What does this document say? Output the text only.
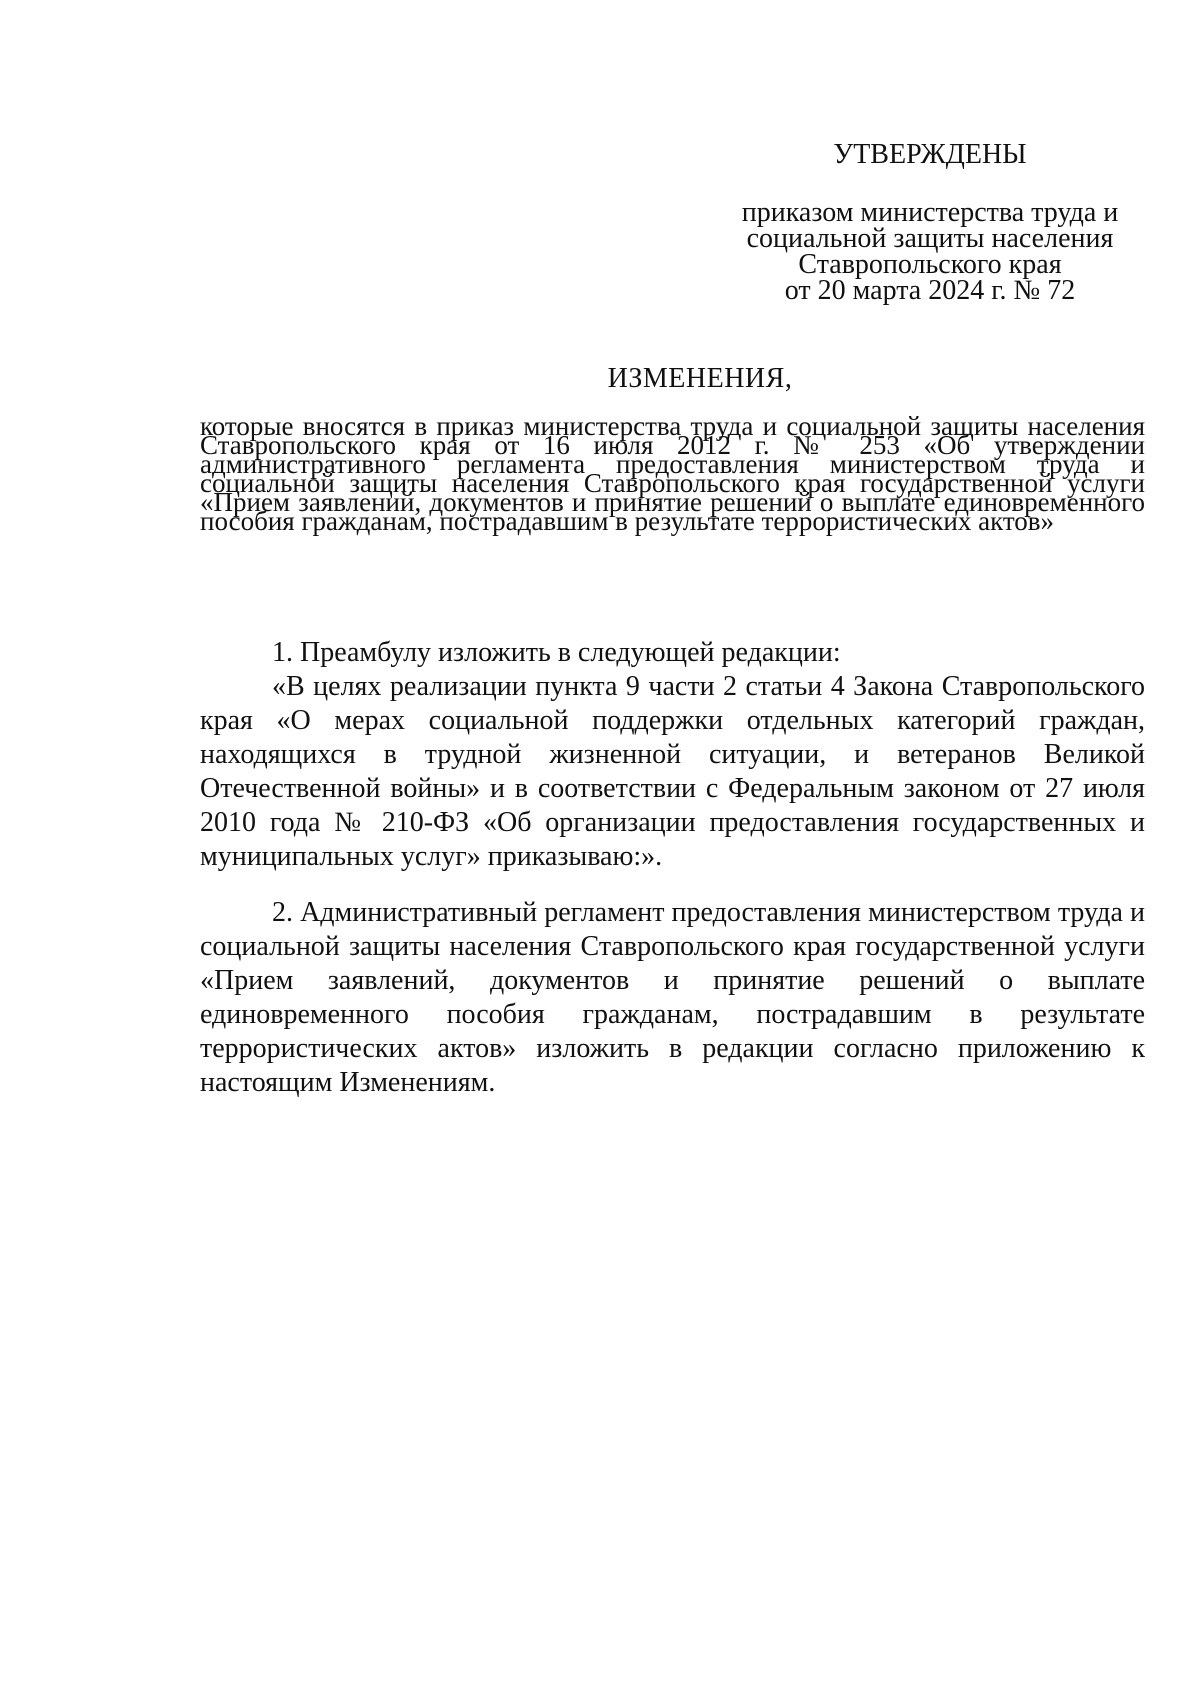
УТВЕРЖДЕНЫ
приказом министерства труда и
социальной защиты населения
Ставропольского края
от 20 марта 2024 г. № 72
ИЗМЕНЕНИЯ,
которые вносятся в приказ министерства труда и социальной защиты населения Ставропольского края от 16 июля 2012 г. № 253 «Об утверждении административного регламента предоставления министерством труда и социальной защиты населения Ставропольского края государственной услуги «Прием заявлений, документов и принятие решений о выплате единовременного пособия гражданам, пострадавшим в результате террористических актов»

1. Преамбулу изложить в следующей редакции:

«В целях реализации пункта 9 части 2 статьи 4 Закона Ставропольского края «О мерах социальной поддержки отдельных категорий граждан, находящихся в трудной жизненной ситуации, и ветеранов Великой Отечественной войны» и в соответствии с Федеральным законом от 27 июля 2010 года № 210-ФЗ «Об организации предоставления государственных и муниципальных услуг» приказываю:».

2. Административный регламент предоставления министерством труда и социальной защиты населения Ставропольского края государственной услуги «Прием заявлений, документов и принятие решений о выплате единовременного пособия гражданам, пострадавшим в результате террористических актов» изложить в редакции согласно приложению к настоящим Изменениям.
